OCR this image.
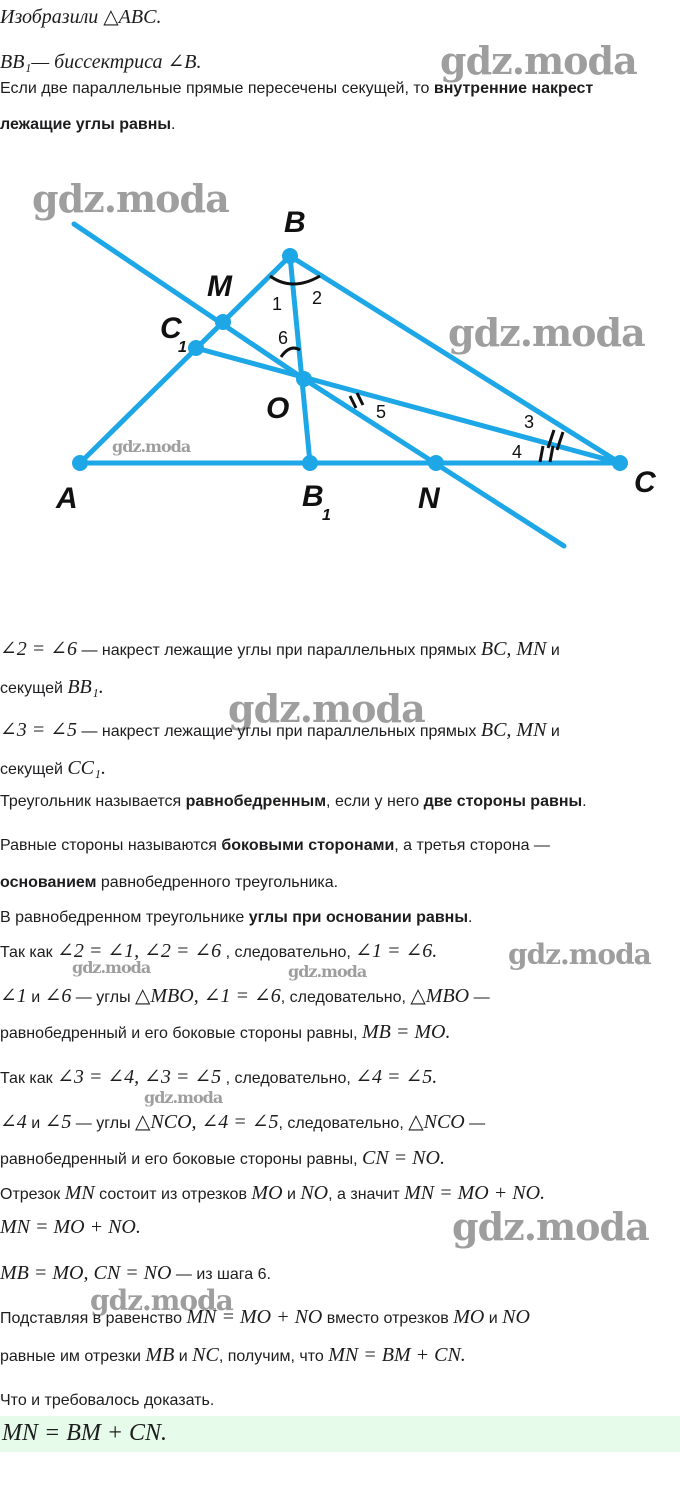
Изобразили △ABC.
BB₁— биссектриса ∠B.
Если две параллельные прямые пересечены секущей, то внутренние накрест
лежащие углы равны.
gdz.moda
gdz.moda
gdz.moda
gdz.moda
gdz.moda
gdz.moda
gdz.moda	gdz.moda
gdz.moda
gdz.moda
gdz.moda
B
M
C
1
O
A	B
1
N	C
1 2
6
5	3
4
∠2 = ∠6 — накрест лежащие углы при параллельных прямых BC, MN и
секущей BB₁.
∠3 = ∠5 — накрест лежащие углы при параллельных прямых BC, MN и
секущей CC₁.
Треугольник называется равнобедренным, если у него две стороны равны.
Равные стороны называются боковыми сторонами, а третья сторона —
основанием равнобедренного треугольника.
В равнобедренном треугольнике углы при основании равны.
Так как ∠2 = ∠1, ∠2 = ∠6 , следовательно, ∠1 = ∠6.
∠1 и ∠6 — углы △MBO, ∠1 = ∠6, следовательно, △MBO —
равнобедренный и его боковые стороны равны, MB = MO.
Так как ∠3 = ∠4, ∠3 = ∠5 , следовательно, ∠4 = ∠5.
∠4 и ∠5 — углы △NCO, ∠4 = ∠5, следовательно, △NCO —
равнобедренный и его боковые стороны равны, CN = NO.
Отрезок MN состоит из отрезков MO и NO, а значит MN = MO + NO.
MN = MO + NO.
MB = MO, CN = NO — из шага 6.
Подставляя в равенство MN = MO + NO вместо отрезков MO и NO
равные им отрезки MB и NC, получим, что MN = BM + CN.
Что и требовалось доказать.
MN = BM + CN.
